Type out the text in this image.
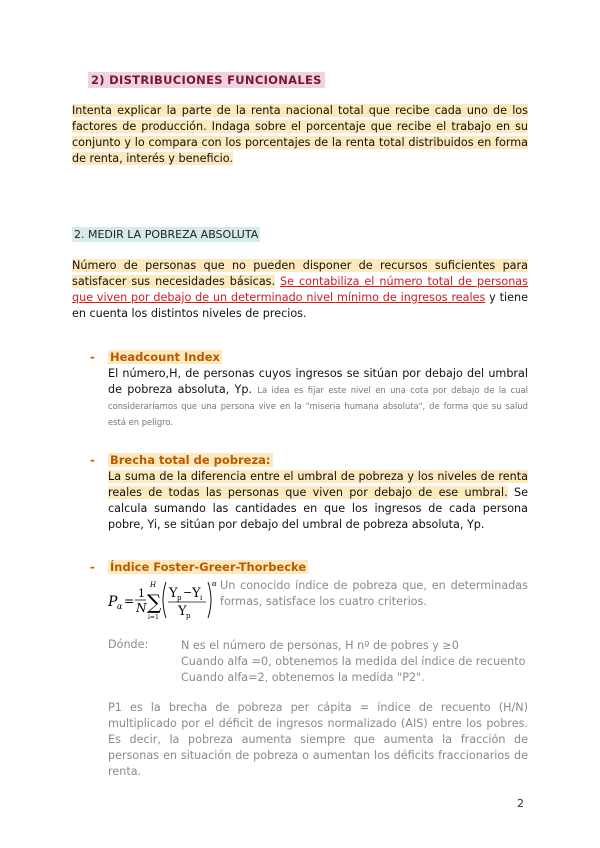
2) DISTRIBUCIONES FUNCIONALES
Intenta explicar la parte de la renta nacional total que recibe cada uno de los factores de producción. Indaga sobre el porcentaje que recibe el trabajo en su conjunto y lo compara con los porcentajes de la renta total distribuidos en forma de renta, interés y beneficio.
2. MEDIR LA POBREZA ABSOLUTA
Número de personas que no pueden disponer de recursos suficientes para satisfacer sus necesidades básicas. Se contabiliza el número total de personas que viven por debajo de un determinado nivel mínimo de ingresos reales y tiene en cuenta los distintos niveles de precios.
- Headcount Index
El número,H, de personas cuyos ingresos se sitúan por debajo del umbral de pobreza absoluta, Yp. La idea es fijar este nivel en una cota por debajo de la cual consideraríamos que una persona vive en la "miseria humana absoluta", de forma que su salud está en peligro.
- Brecha total de pobreza:
La suma de la diferencia entre el umbral de pobreza y los niveles de renta reales de todas las personas que viven por debajo de ese umbral. Se calcula sumando las cantidades en que los ingresos de cada persona pobre, Yi, se sitúan por debajo del umbral de pobreza absoluta, Yp.
- Índice Foster-Greer-Thorbecke
P α =
1
N
H
∑
i=1
Y p − Y i
Y p
α Un conocido índice de pobreza que, en determinadas formas, satisface los cuatro criterios.
Dónde:	N es el número de personas, H nº de pobres y ≥0
Cuando alfa =0, obtenemos la medida del índice de recuento
Cuando alfa=2, obtenemos la medida "P2".
P1 es la brecha de pobreza per cápita = índice de recuento (H/N) multiplicado por el déficit de ingresos normalizado (AIS) entre los pobres. Es decir, la pobreza aumenta siempre que aumenta la fracción de personas en situación de pobreza o aumentan los déficits fraccionarios de renta.
2
